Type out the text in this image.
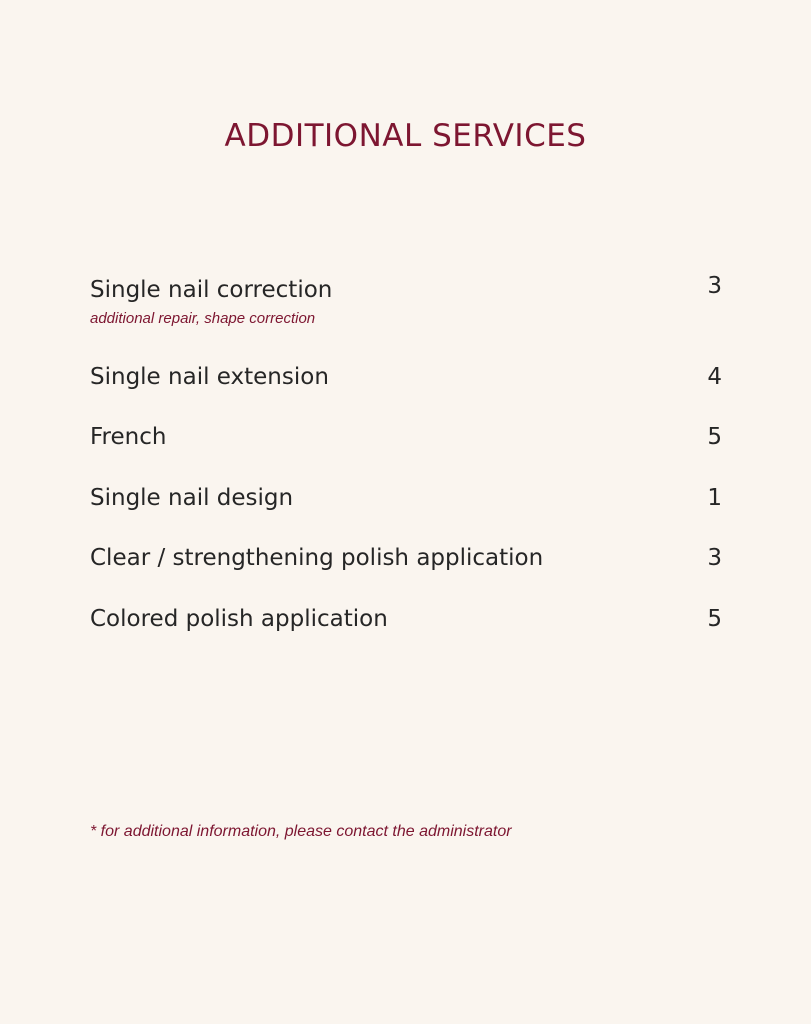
ADDITIONAL SERVICES
Single nail correction	3
additional repair, shape correction
Single nail extension	4
French	5
Single nail design	1
Clear / strengthening polish application	3
Colored polish application	5
* for additional information, please contact the administrator
